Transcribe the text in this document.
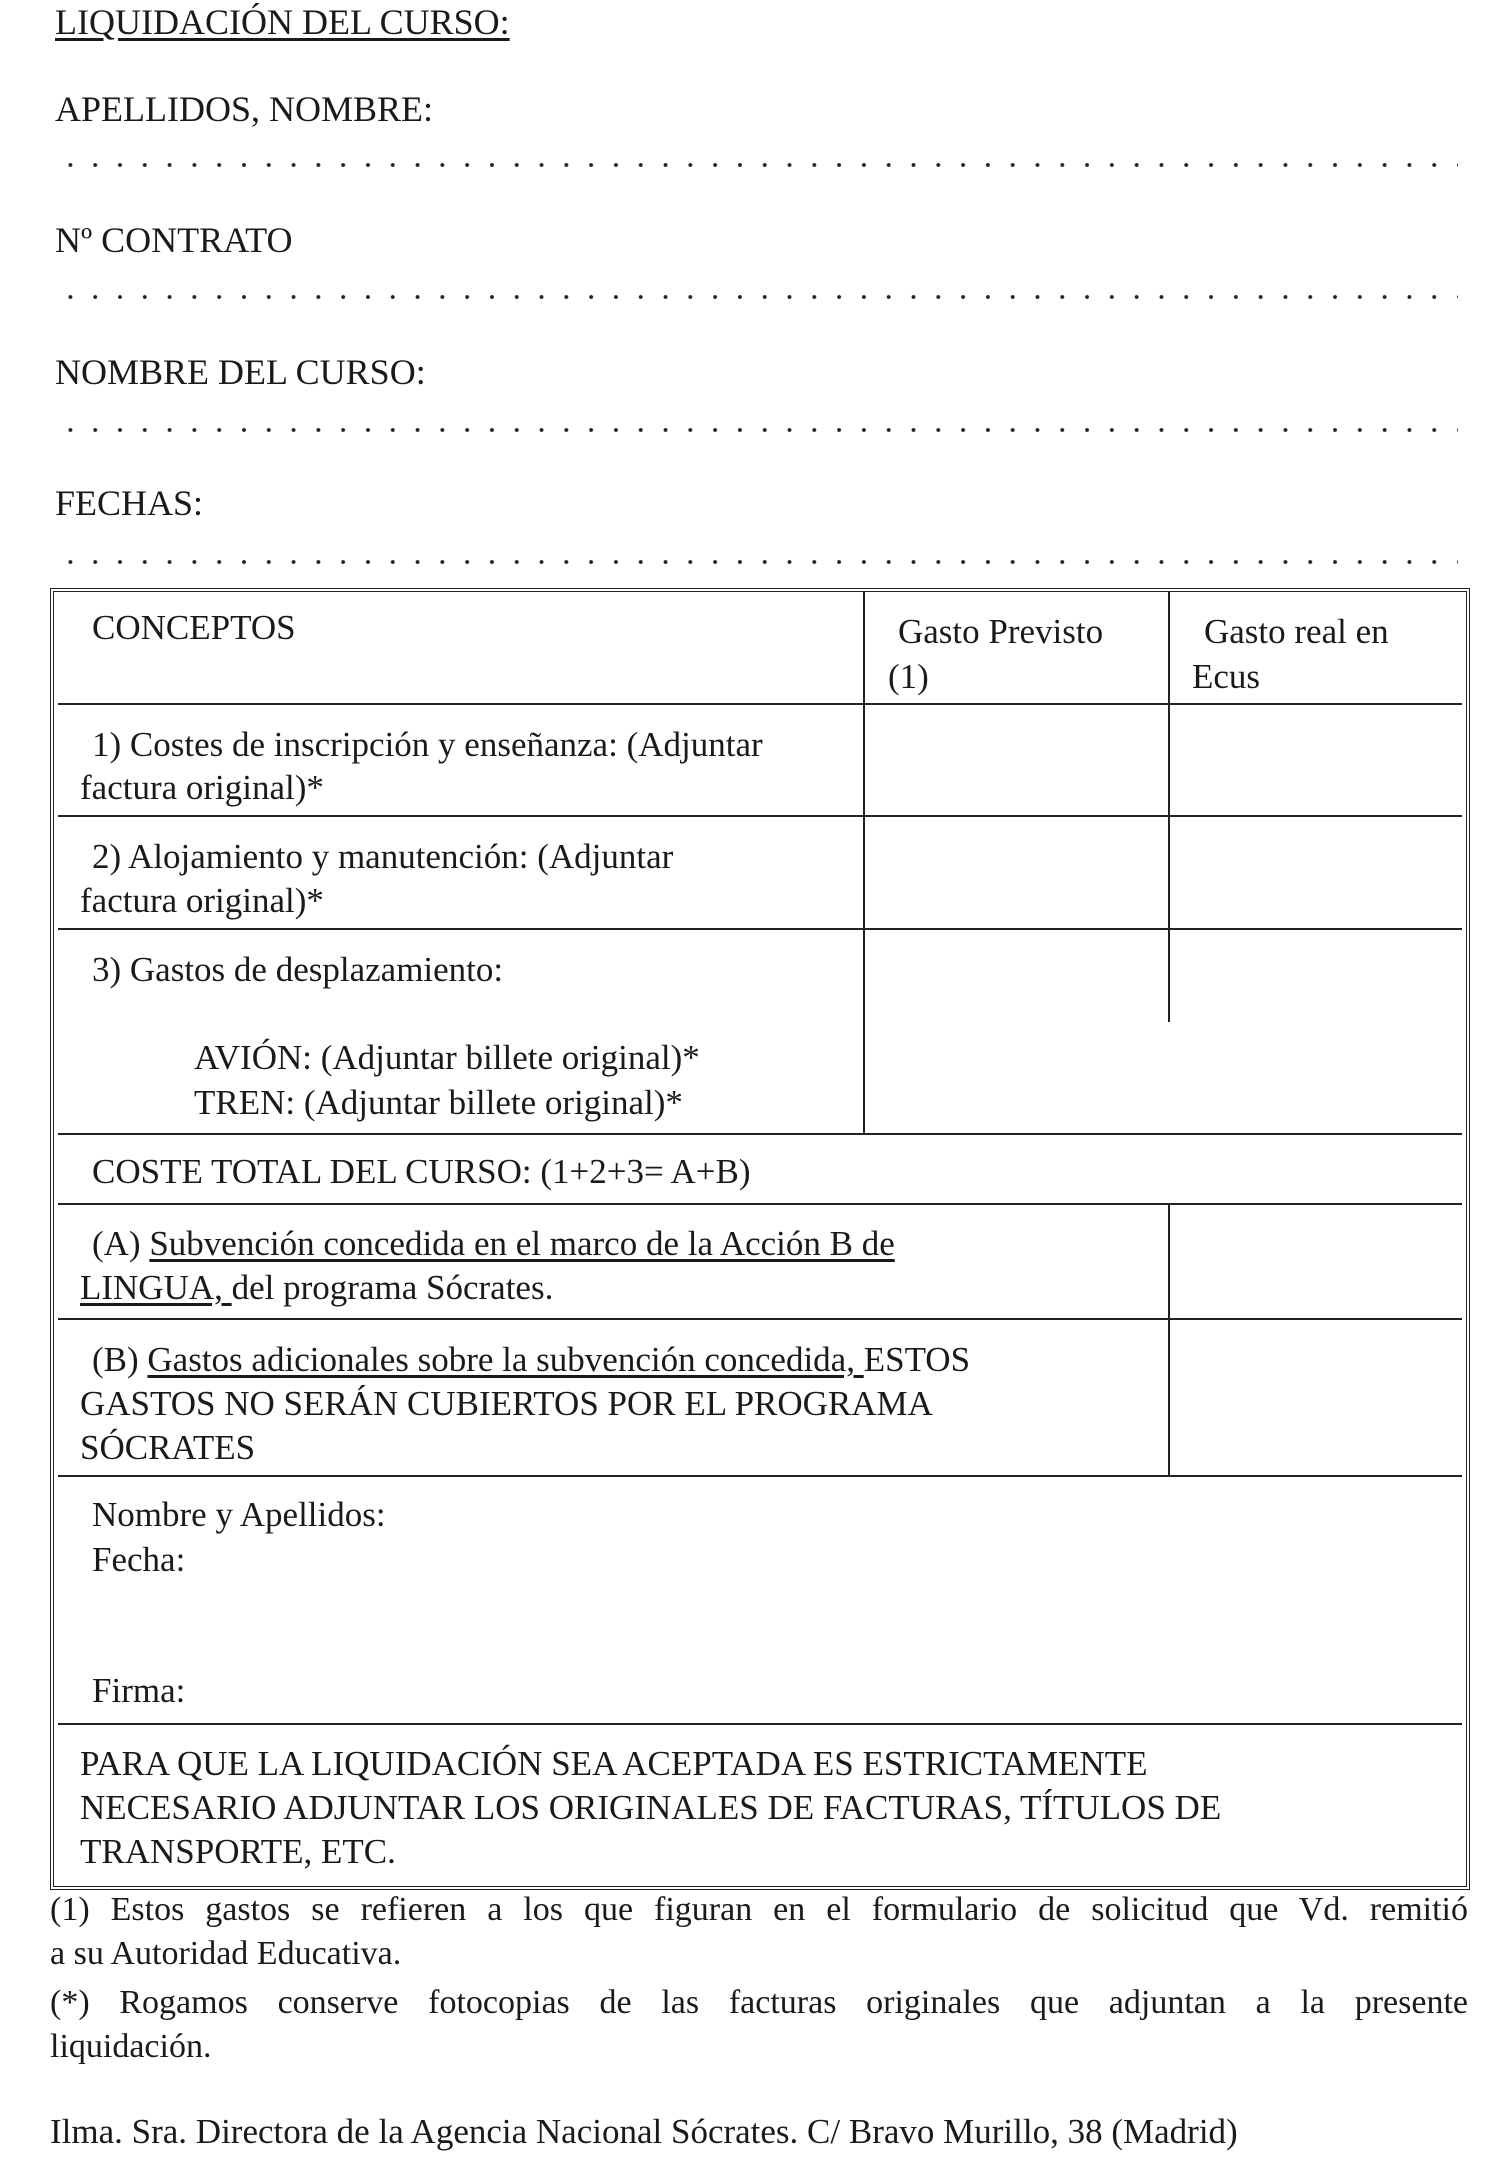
LIQUIDACIÓN DEL CURSO:
APELLIDOS, NOMBRE:
Nº CONTRATO
NOMBRE DEL CURSO:
FECHAS:
CONCEPTOS	Gasto Previsto
(1)
Gasto real en
Ecus
1) Costes de inscripción y enseñanza: (Adjuntar
factura original)*
2) Alojamiento y manutención: (Adjuntar
factura original)*
3) Gastos de desplazamiento:
AVIÓN: (Adjuntar billete original)*
TREN: (Adjuntar billete original)*
COSTE TOTAL DEL CURSO: (1+2+3= A+B)
(A) Subvención concedida en el marco de la Acción B de
LINGUA, del programa Sócrates.
(B) Gastos adicionales sobre la subvención concedida, ESTOS
GASTOS NO SERÁN CUBIERTOS POR EL PROGRAMA
SÓCRATES
Nombre y Apellidos:
Fecha:
Firma:
PARA QUE LA LIQUIDACIÓN SEA ACEPTADA ES ESTRICTAMENTE
NECESARIO ADJUNTAR LOS ORIGINALES DE FACTURAS, TÍTULOS DE
TRANSPORTE, ETC.
(1) Estos gastos se refieren a los que figuran en el formulario de solicitud que Vd. remitió
a su Autoridad Educativa.
(*) Rogamos conserve fotocopias de las facturas originales que adjuntan a la presente
liquidación.
Ilma. Sra. Directora de la Agencia Nacional Sócrates. C/ Bravo Murillo, 38 (Madrid)
